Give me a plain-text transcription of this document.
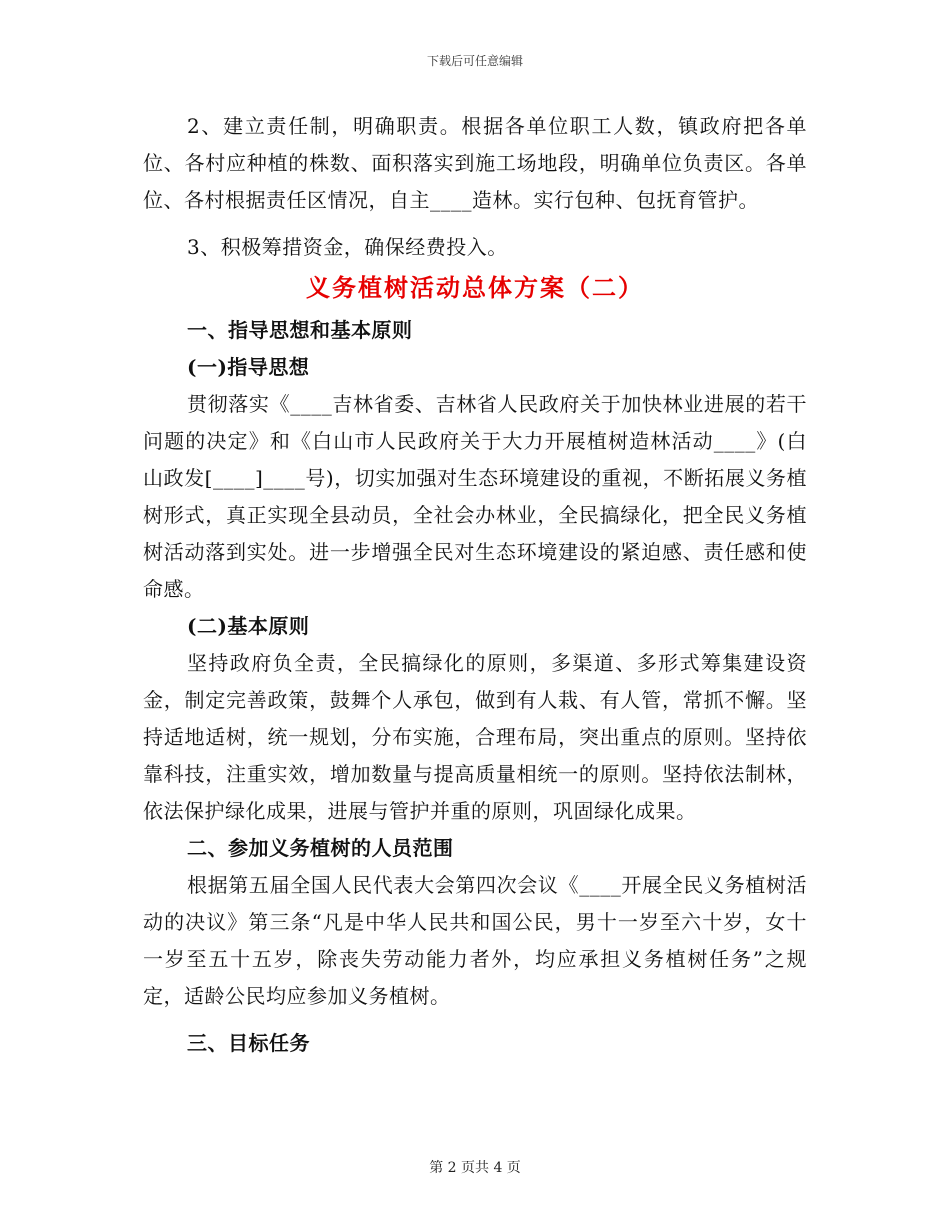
下载后可任意编辑

2、建立责任制，明确职责。根据各单位职工人数，镇政府把各单位、各村应种植的株数、面积落实到施工场地段，明确单位负责区。各单位、各村根据责任区情况，自主____造林。实行包种、包抚育管护。

3、积极筹措资金，确保经费投入。

义务植树活动总体方案（二）

一、指导思想和基本原则

(一)指导思想

贯彻落实《____吉林省委、吉林省人民政府关于加快林业进展的若干问题的决定》和《白山市人民政府关于大力开展植树造林活动____》(白山政发[____]____号)，切实加强对生态环境建设的重视，不断拓展义务植树形式，真正实现全县动员，全社会办林业，全民搞绿化，把全民义务植树活动落到实处。进一步增强全民对生态环境建设的紧迫感、责任感和使命感。

(二)基本原则

坚持政府负全责，全民搞绿化的原则，多渠道、多形式筹集建设资金，制定完善政策，鼓舞个人承包，做到有人栽、有人管，常抓不懈。坚持适地适树，统一规划，分布实施，合理布局，突出重点的原则。坚持依靠科技，注重实效，增加数量与提高质量相统一的原则。坚持依法制林，依法保护绿化成果，进展与管护并重的原则，巩固绿化成果。

二、参加义务植树的人员范围

根据第五届全国人民代表大会第四次会议《____开展全民义务植树活动的决议》第三条“凡是中华人民共和国公民，男十一岁至六十岁，女十一岁至五十五岁，除丧失劳动能力者外，均应承担义务植树任务”之规定，适龄公民均应参加义务植树。

三、目标任务

第 2 页共 4 页
